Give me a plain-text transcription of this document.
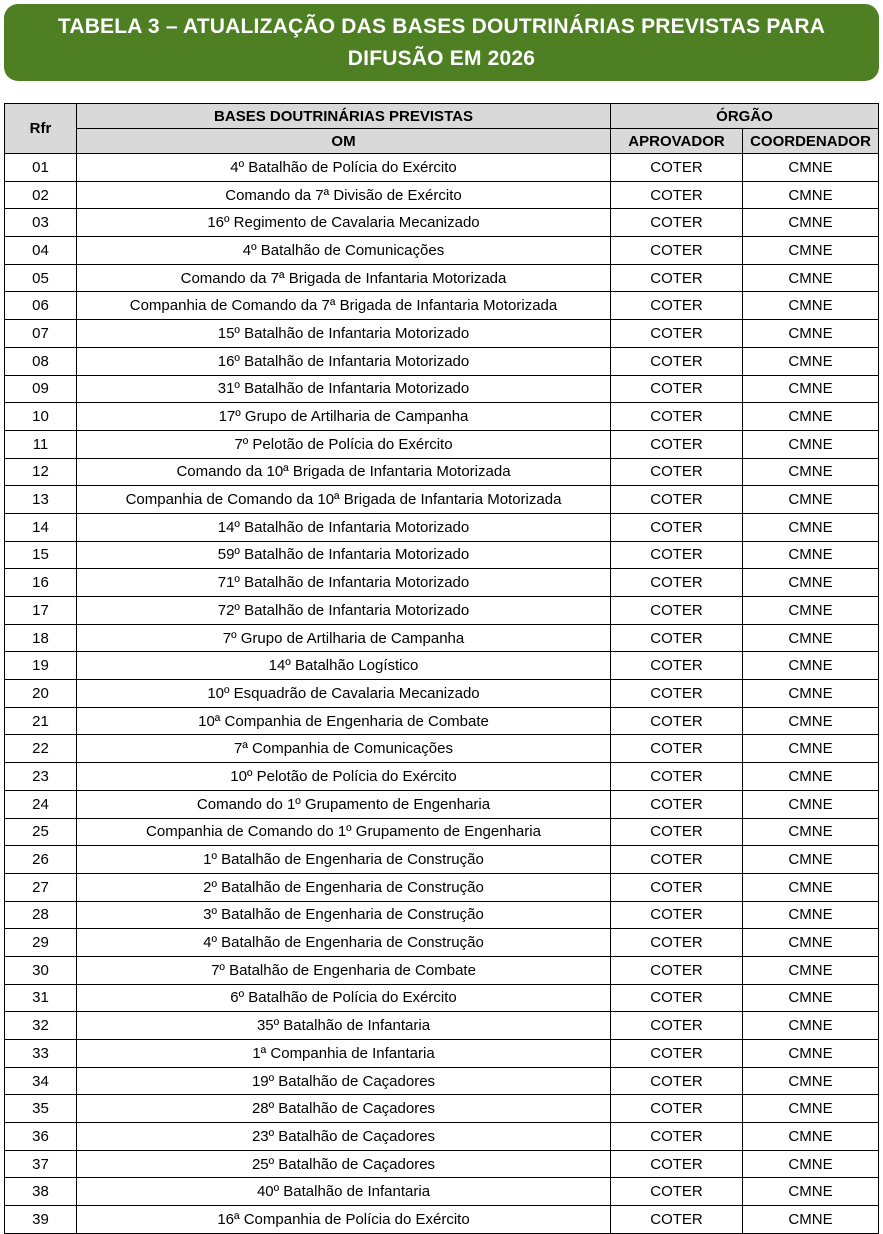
TABELA 3 – ATUALIZAÇÃO DAS BASES DOUTRINÁRIAS PREVISTAS PARA DIFUSÃO EM 2026
Rfr	BASES DOUTRINÁRIAS PREVISTAS	ÓRGÃO	
	OM	APROVADOR	COORDENADOR
01	4º Batalhão de Polícia do Exército	COTER	CMNE
02	Comando da 7ª Divisão de Exército	COTER	CMNE
03	16º Regimento de Cavalaria Mecanizado	COTER	CMNE
04	4º Batalhão de Comunicações	COTER	CMNE
05	Comando da 7ª Brigada de Infantaria Motorizada	COTER	CMNE
06	Companhia de Comando da 7ª Brigada de Infantaria Motorizada	COTER	CMNE
07	15º Batalhão de Infantaria Motorizado	COTER	CMNE
08	16º Batalhão de Infantaria Motorizado	COTER	CMNE
09	31º Batalhão de Infantaria Motorizado	COTER	CMNE
10	17º Grupo de Artilharia de Campanha	COTER	CMNE
11	7º Pelotão de Polícia do Exército	COTER	CMNE
12	Comando da 10ª Brigada de Infantaria Motorizada	COTER	CMNE
13	Companhia de Comando da 10ª Brigada de Infantaria Motorizada	COTER	CMNE
14	14º Batalhão de Infantaria Motorizado	COTER	CMNE
15	59º Batalhão de Infantaria Motorizado	COTER	CMNE
16	71º Batalhão de Infantaria Motorizado	COTER	CMNE
17	72º Batalhão de Infantaria Motorizado	COTER	CMNE
18	7º Grupo de Artilharia de Campanha	COTER	CMNE
19	14º Batalhão Logístico	COTER	CMNE
20	10º Esquadrão de Cavalaria Mecanizado	COTER	CMNE
21	10ª Companhia de Engenharia de Combate	COTER	CMNE
22	7ª Companhia de Comunicações	COTER	CMNE
23	10º Pelotão de Polícia do Exército	COTER	CMNE
24	Comando do 1º Grupamento de Engenharia	COTER	CMNE
25	Companhia de Comando do 1º Grupamento de Engenharia	COTER	CMNE
26	1º Batalhão de Engenharia de Construção	COTER	CMNE
27	2º Batalhão de Engenharia de Construção	COTER	CMNE
28	3º Batalhão de Engenharia de Construção	COTER	CMNE
29	4º Batalhão de Engenharia de Construção	COTER	CMNE
30	7º Batalhão de Engenharia de Combate	COTER	CMNE
31	6º Batalhão de Polícia do Exército	COTER	CMNE
32	35º Batalhão de Infantaria	COTER	CMNE
33	1ª Companhia de Infantaria	COTER	CMNE
34	19º Batalhão de Caçadores	COTER	CMNE
35	28º Batalhão de Caçadores	COTER	CMNE
36	23º Batalhão de Caçadores	COTER	CMNE
37	25º Batalhão de Caçadores	COTER	CMNE
38	40º Batalhão de Infantaria	COTER	CMNE
39	16ª Companhia de Polícia do Exército	COTER	CMNE
